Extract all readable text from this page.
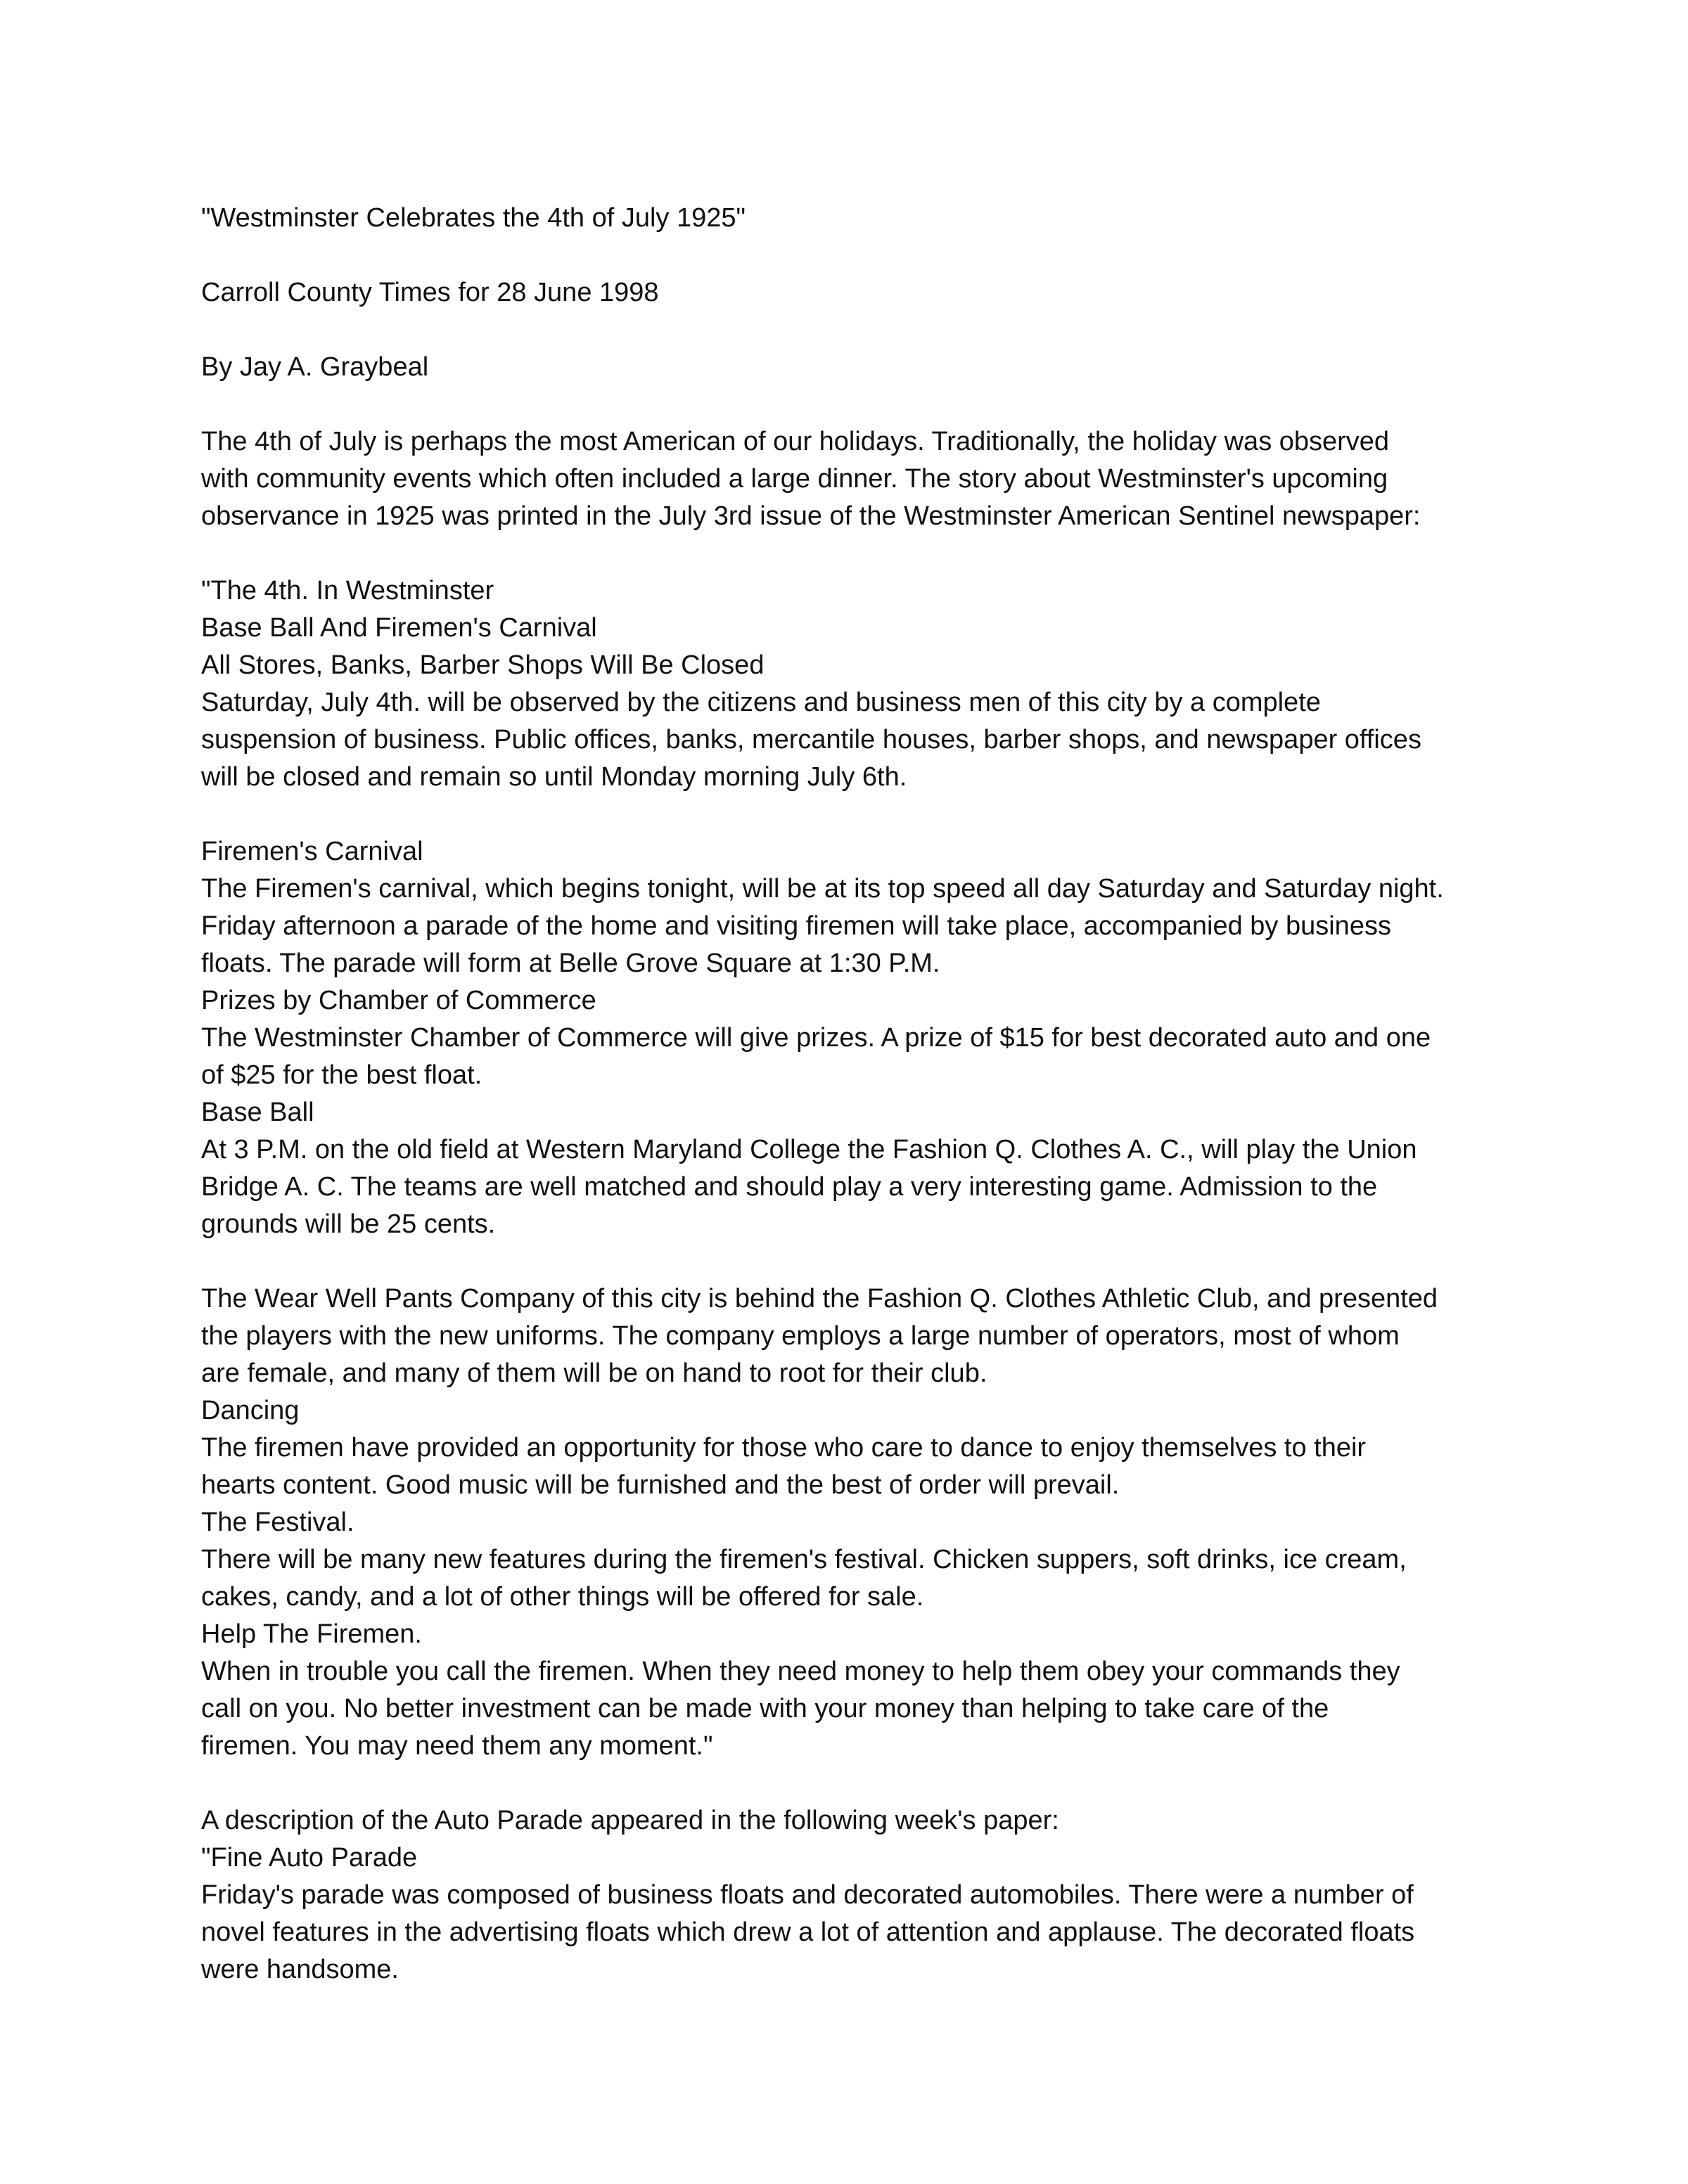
"Westminster Celebrates the 4th of July 1925"
Carroll County Times for 28 June 1998
By Jay A. Graybeal
The 4th of July is perhaps the most American of our holidays. Traditionally, the holiday was observed
with community events which often included a large dinner. The story about Westminster's upcoming
observance in 1925 was printed in the July 3rd issue of the Westminster American Sentinel newspaper:
"The 4th. In Westminster
Base Ball And Firemen's Carnival
All Stores, Banks, Barber Shops Will Be Closed
Saturday, July 4th. will be observed by the citizens and business men of this city by a complete
suspension of business. Public offices, banks, mercantile houses, barber shops, and newspaper offices
will be closed and remain so until Monday morning July 6th.
Firemen's Carnival
The Firemen's carnival, which begins tonight, will be at its top speed all day Saturday and Saturday night.
Friday afternoon a parade of the home and visiting firemen will take place, accompanied by business
floats. The parade will form at Belle Grove Square at 1:30 P.M.
Prizes by Chamber of Commerce
The Westminster Chamber of Commerce will give prizes. A prize of $15 for best decorated auto and one
of $25 for the best float.
Base Ball
At 3 P.M. on the old field at Western Maryland College the Fashion Q. Clothes A. C., will play the Union
Bridge A. C. The teams are well matched and should play a very interesting game. Admission to the
grounds will be 25 cents.
The Wear Well Pants Company of this city is behind the Fashion Q. Clothes Athletic Club, and presented
the players with the new uniforms. The company employs a large number of operators, most of whom
are female, and many of them will be on hand to root for their club.
Dancing
The firemen have provided an opportunity for those who care to dance to enjoy themselves to their
hearts content. Good music will be furnished and the best of order will prevail.
The Festival.
There will be many new features during the firemen's festival. Chicken suppers, soft drinks, ice cream,
cakes, candy, and a lot of other things will be offered for sale.
Help The Firemen.
When in trouble you call the firemen. When they need money to help them obey your commands they
call on you. No better investment can be made with your money than helping to take care of the
firemen. You may need them any moment."
A description of the Auto Parade appeared in the following week's paper:
"Fine Auto Parade
Friday's parade was composed of business floats and decorated automobiles. There were a number of
novel features in the advertising floats which drew a lot of attention and applause. The decorated floats
were handsome.
